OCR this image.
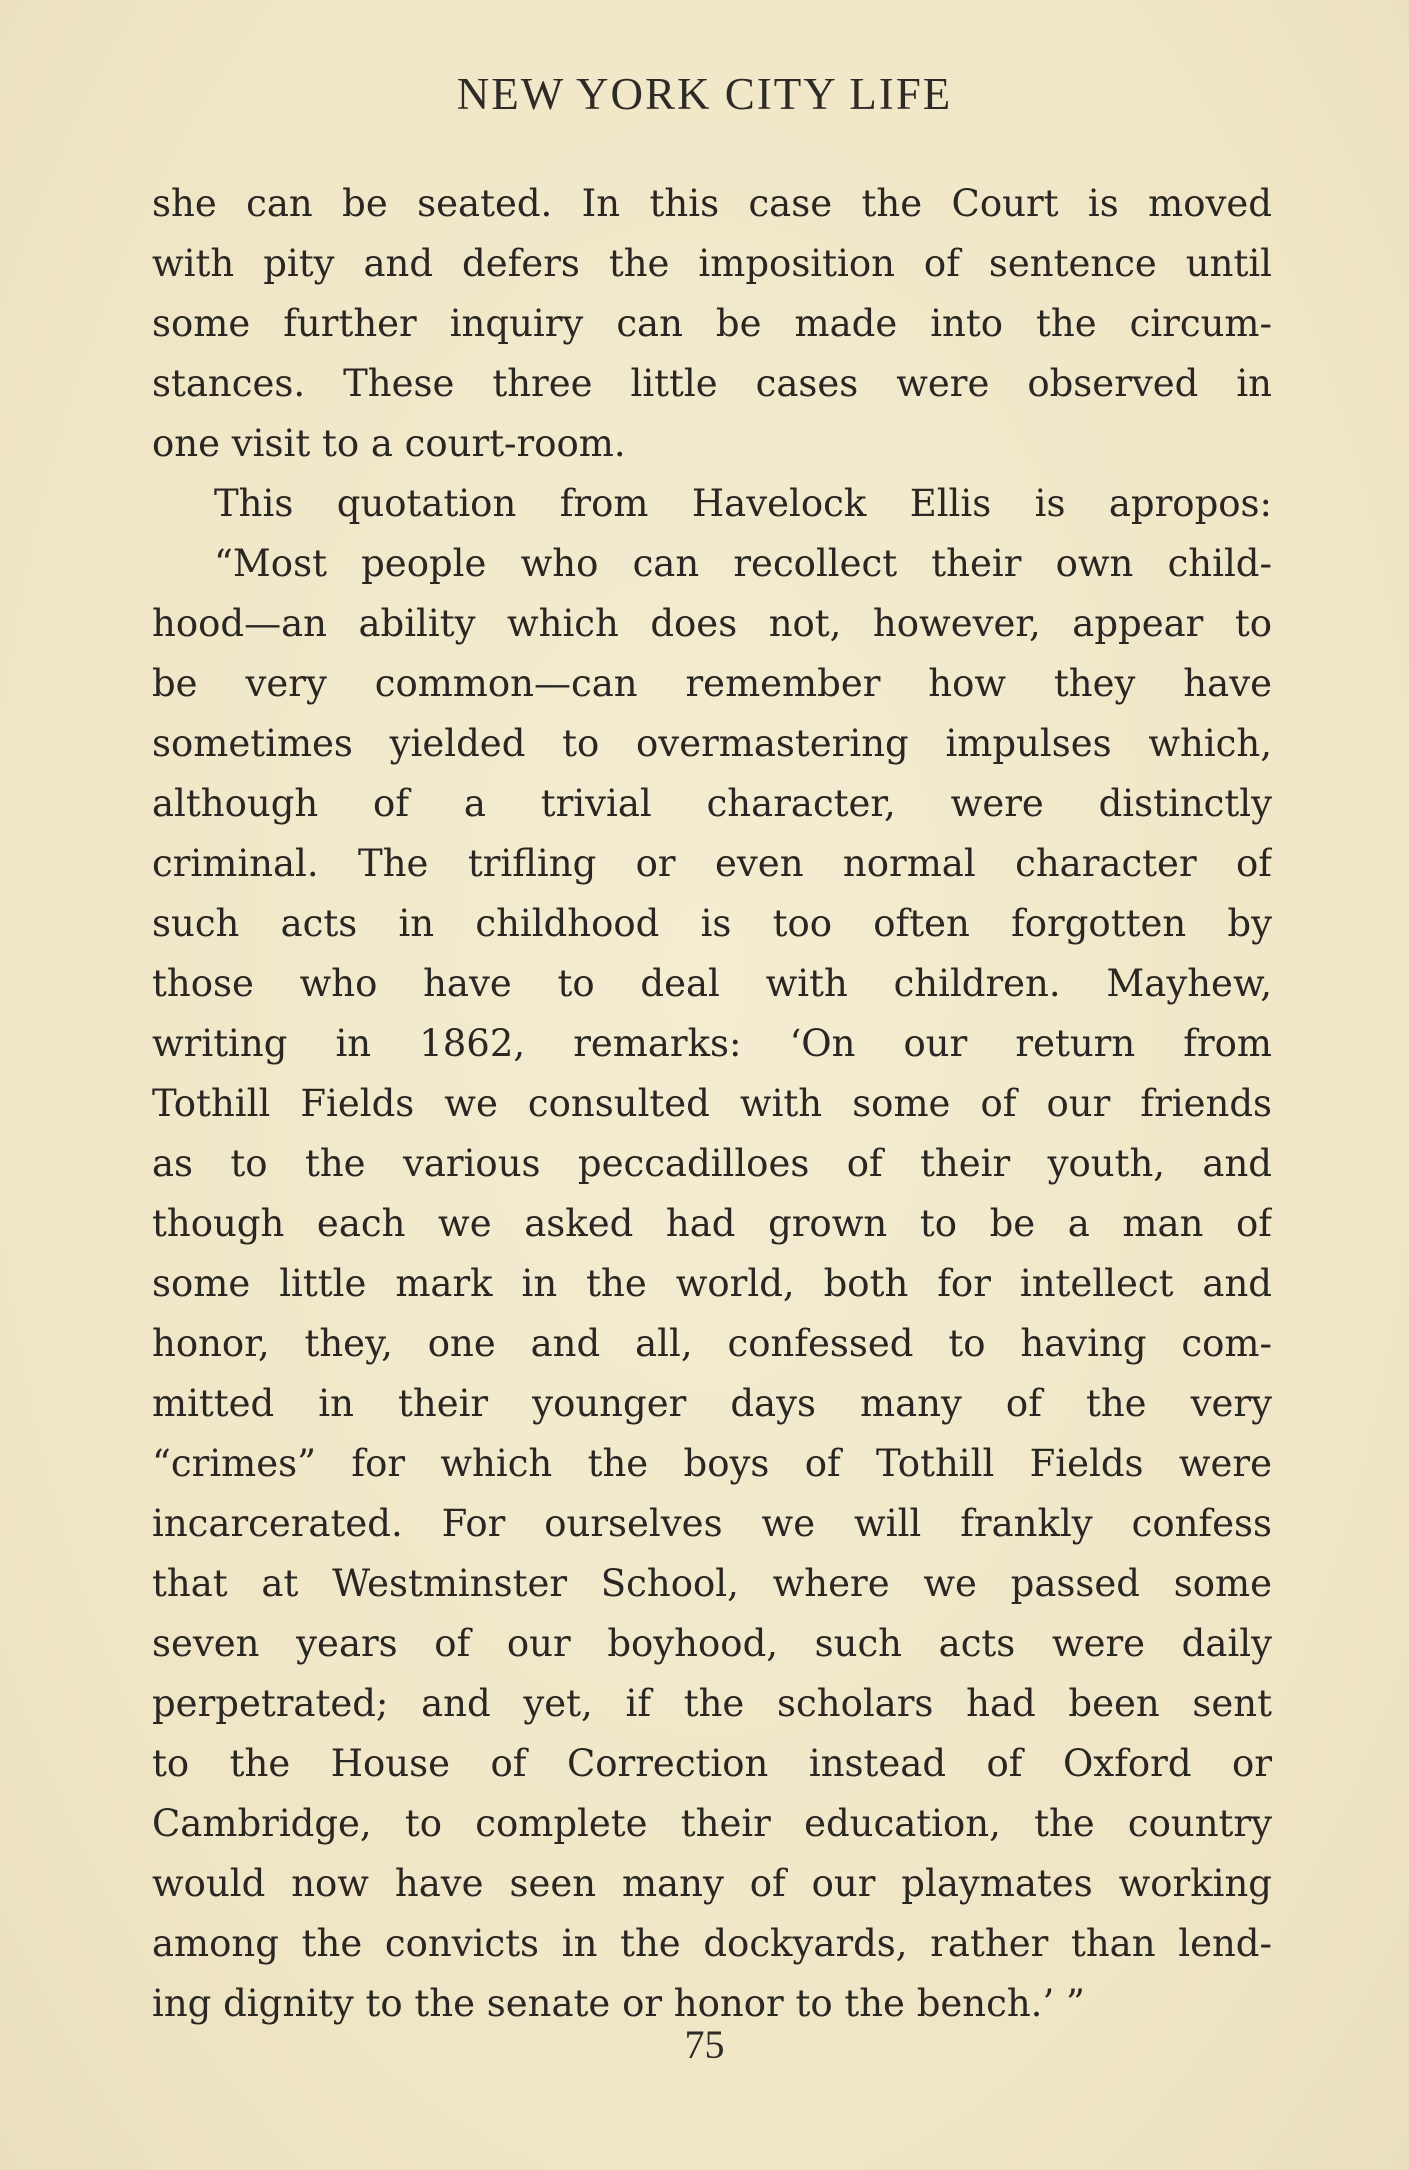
NEW YORK CITY LIFE
she can be seated. In this case the Court is moved
with pity and defers the imposition of sentence until
some further inquiry can be made into the circum-
stances. These three little cases were observed in
one visit to a court-room.
This quotation from Havelock Ellis is apropos:
“Most people who can recollect their own child-
hood—an ability which does not, however, appear to
be very common—can remember how they have
sometimes yielded to overmastering impulses which,
although of a trivial character, were distinctly
criminal. The trifling or even normal character of
such acts in childhood is too often forgotten by
those who have to deal with children. Mayhew,
writing in 1862, remarks: ‘On our return from
Tothill Fields we consulted with some of our friends
as to the various peccadilloes of their youth, and
though each we asked had grown to be a man of
some little mark in the world, both for intellect and
honor, they, one and all, confessed to having com-
mitted in their younger days many of the very
“crimes” for which the boys of Tothill Fields were
incarcerated. For ourselves we will frankly confess
that at Westminster School, where we passed some
seven years of our boyhood, such acts were daily
perpetrated; and yet, if the scholars had been sent
to the House of Correction instead of Oxford or
Cambridge, to complete their education, the country
would now have seen many of our playmates working
among the convicts in the dockyards, rather than lend-
ing dignity to the senate or honor to the bench.’ ”
75
